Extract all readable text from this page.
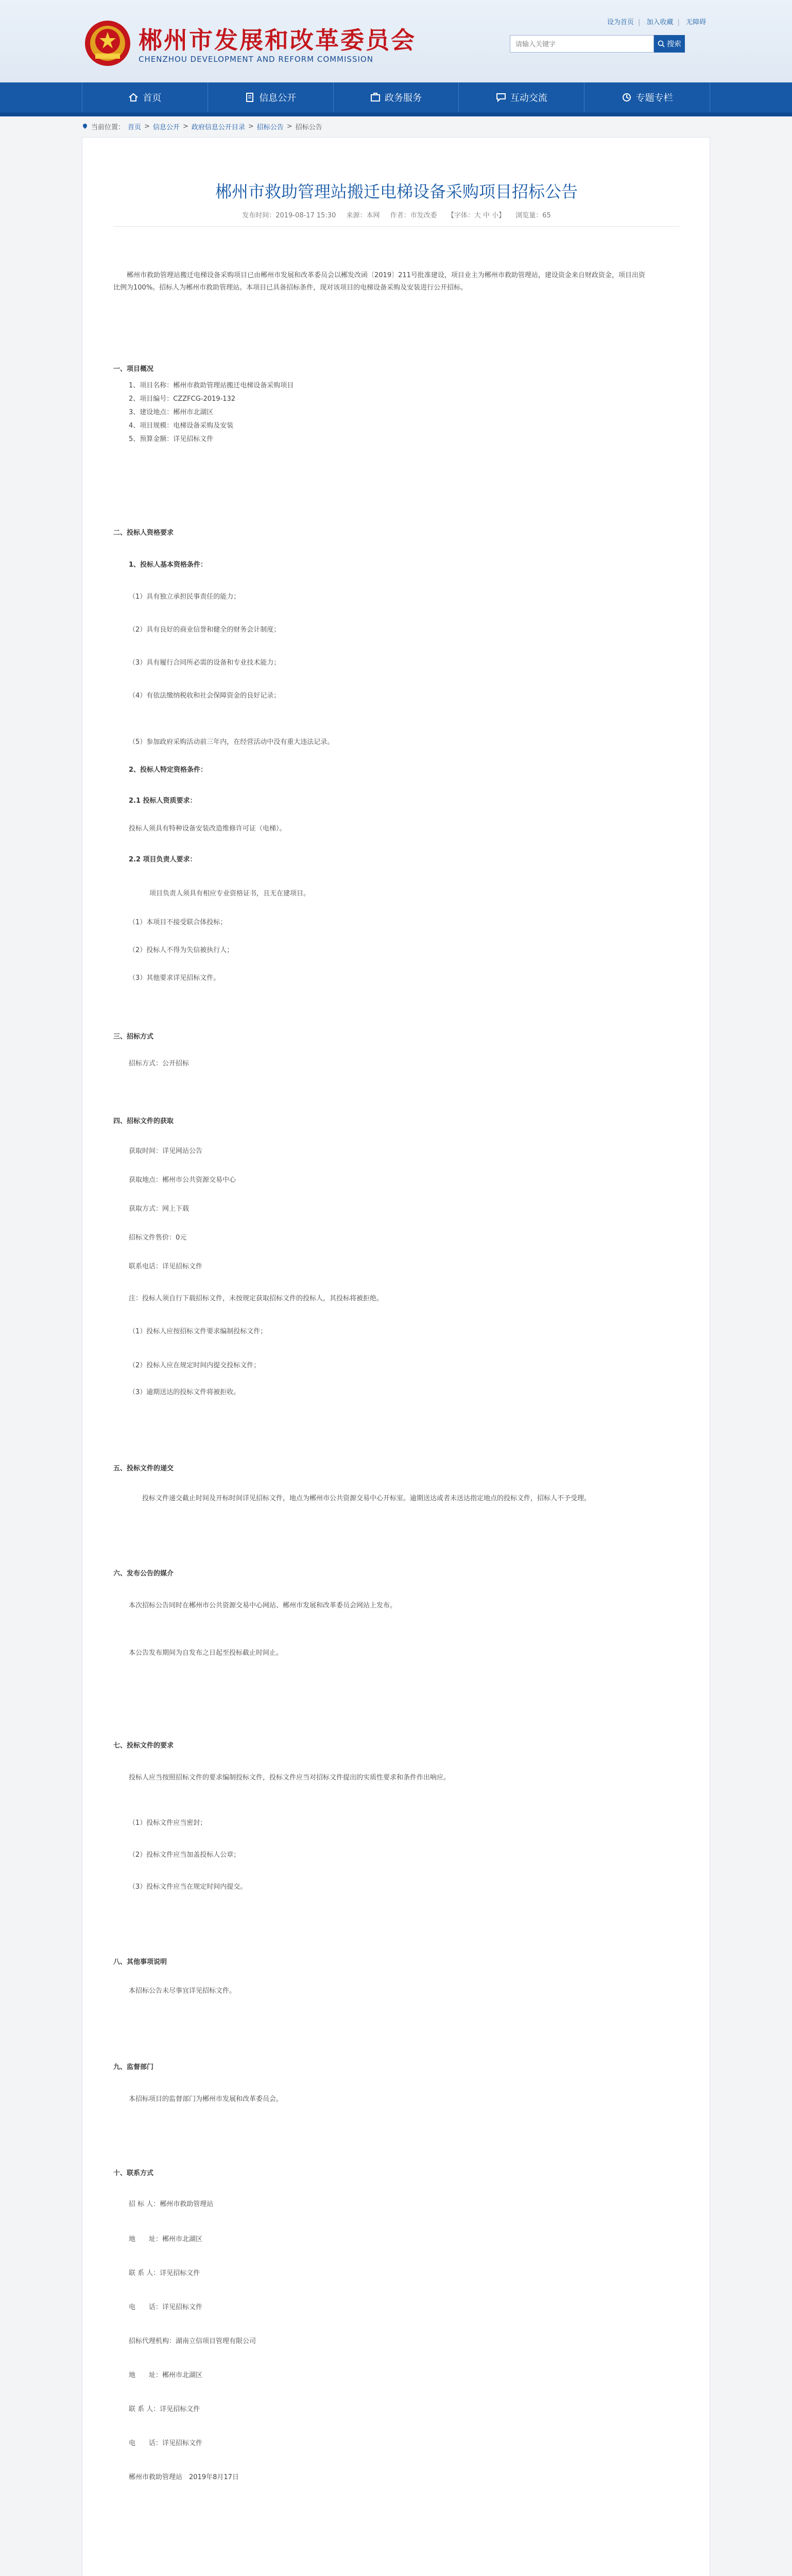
郴州市发展和改革委员会
CHENZHOU DEVELOPMENT AND REFORM COMMISSION
设为首页 | 加入收藏 | 无障碍
请输入关键字
搜索
首页	信息公开	政务服务	互动交流	专题专栏
当前位置： 首页 > 信息公开 > 政府信息公开目录 > 招标公告 > 招标公告
郴州市救助管理站搬迁电梯设备采购项目招标公告
发布时间：2019-08-17 15:30 来源：本网 作者：市发改委 【字体：大 中 小】 浏览量：65
郴州市救助管理站搬迁电梯设备采购项目已由郴州市发展和改革委员会以郴发改函〔2019〕211号批准建设，项目业主为郴州市救助管理站，建设资金来自财政资金，项目出资比例为100%。招标人为郴州市救助管理站。本项目已具备招标条件，现对该项目的电梯设备采购及安装进行公开招标。
一、项目概况
1、项目名称：郴州市救助管理站搬迁电梯设备采购项目
2、项目编号：CZZFCG-2019-132
3、建设地点：郴州市北湖区
4、项目规模：电梯设备采购及安装
5、预算金额：详见招标文件
二、投标人资格要求
1、投标人基本资格条件：
（1）具有独立承担民事责任的能力；
（2）具有良好的商业信誉和健全的财务会计制度；
（3）具有履行合同所必需的设备和专业技术能力；
（4）有依法缴纳税收和社会保障资金的良好记录；
（5）参加政府采购活动前三年内，在经营活动中没有重大违法记录。
2、投标人特定资格条件：
2.1 投标人资质要求：
投标人须具有特种设备安装改造维修许可证（电梯）。
2.2 项目负责人要求：
项目负责人须具有相应专业资格证书，且无在建项目。
（1）本项目不接受联合体投标；
（2）投标人不得为失信被执行人；
（3）其他要求详见招标文件。
三、招标方式
招标方式：公开招标
四、招标文件的获取
获取时间：详见网站公告
获取地点：郴州市公共资源交易中心
获取方式：网上下载
招标文件售价：0元
联系电话：详见招标文件
注：投标人须自行下载招标文件，未按规定获取招标文件的投标人，其投标将被拒绝。
（1）投标人应按招标文件要求编制投标文件；
（2）投标人应在规定时间内提交投标文件；
（3）逾期送达的投标文件将被拒收。
五、投标文件的递交
投标文件递交截止时间及开标时间详见招标文件，地点为郴州市公共资源交易中心开标室。逾期送达或者未送达指定地点的投标文件，招标人不予受理。
六、发布公告的媒介
本次招标公告同时在郴州市公共资源交易中心网站、郴州市发展和改革委员会网站上发布。
本公告发布期间为自发布之日起至投标截止时间止。
七、投标文件的要求
投标人应当按照招标文件的要求编制投标文件，投标文件应当对招标文件提出的实质性要求和条件作出响应。
（1）投标文件应当密封；
（2）投标文件应当加盖投标人公章；
（3）投标文件应当在规定时间内提交。
八、其他事项说明
本招标公告未尽事宜详见招标文件。
九、监督部门
本招标项目的监督部门为郴州市发展和改革委员会。
十、联系方式
招 标 人：郴州市救助管理站
地　　址：郴州市北湖区
联 系 人：详见招标文件
电　　话：详见招标文件
招标代理机构：湖南立信项目管理有限公司
地　　址：郴州市北湖区
联 系 人：详见招标文件
电　　话：详见招标文件
郴州市救助管理站　2019年8月17日
